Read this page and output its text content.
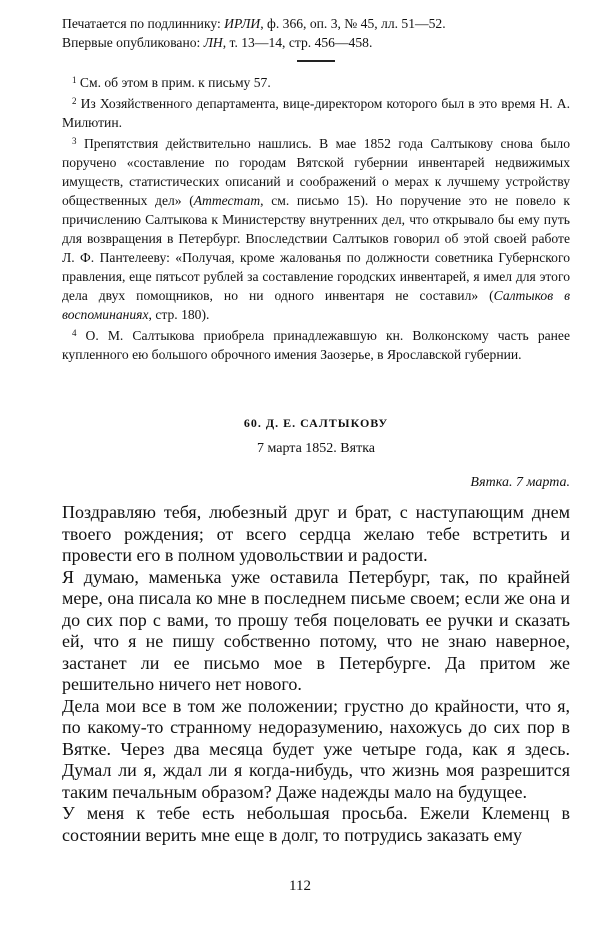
Печатается по подлиннику: ИРЛИ, ф. 366, оп. 3, № 45, лл. 51—52.

Впервые опубликовано: ЛН, т. 13—14, стр. 456—458.

$^1$ См. об этом в прим. к письму 57.

$^2$ Из Хозяйственного департамента, вице-директором которого был в это время Н. А. Милютин.

$^3$ Препятствия действительно нашлись. В мае 1852 года Салтыкову снова было поручено «составление по городам Вятской губернии инвентарей недвижимых имуществ, статистических описаний и соображений о мерах к лучшему устройству общественных дел» (Аттестат, см. письмо 15). Но поручение это не повело к причислению Салтыкова к Министерству внутренних дел, что открывало бы ему путь для возвращения в Петербург. Впоследствии Салтыков говорил об этой своей работе Л. Ф. Пантелееву: «Получая, кроме жалованья по должности советника Губернского правления, еще пятьсот рублей за составление городских инвентарей, я имел для этого дела двух помощников, но ни одного инвентаря не составил» (Салтыков в воспоминаниях, стр. 180).

$^4$ О. М. Салтыкова приобрела принадлежавшую кн. Волконскому часть ранее купленного ею большого оброчного имения Заозерье, в Ярославской губернии.

60. Д. Е. САЛТЫКОВУ

7 марта 1852. Вятка

Вятка. 7 марта.

Поздравляю тебя, любезный друг и брат, с наступающим днем твоего рождения; от всего сердца желаю тебе встретить и провести его в полном удовольствии и радости.

Я думаю, маменька уже оставила Петербург, так, по крайней мере, она писала ко мне в последнем письме своем; если же она и до сих пор с вами, то прошу тебя поцеловать ее ручки и сказать ей, что я не пишу собственно потому, что не знаю наверное, застанет ли ее письмо мое в Петербурге. Да притом же решительно ничего нет нового.

Дела мои все в том же положении; грустно до крайности, что я, по какому-то странному недоразумению, нахожусь до сих пор в Вятке. Через два месяца будет уже четыре года, как я здесь. Думал ли я, ждал ли я когда-нибудь, что жизнь моя разрешится таким печальным образом? Даже надежды мало на будущее.

У меня к тебе есть небольшая просьба. Ежели Клеменц в состоянии верить мне еще в долг, то потрудись заказать ему

112
